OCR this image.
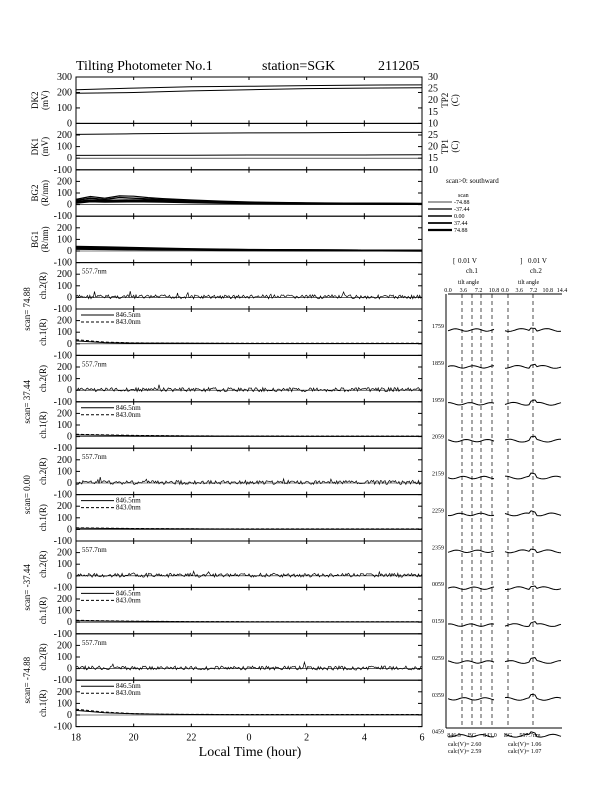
Tilting Photometer No.1	station=SGK	211205
0
100
200
300
DK2 (mV)
10
15
20
25
30
TP2 (C)
-100
0
100
200
DK1 (mV)
10
15
20
25
TP1 (C)
-100
0
100
200
BG2 (R/nm)
-100
0
100
200
BG1 (R/nm)
-100
0
100
200
ch.2(R)
557.7nm
-100
0
100
200
ch.1(R)
846.5nm
843.0nm
-100
0
100
200
ch.2(R)
557.7nm
-100
0
100
200
ch.1(R)
846.5nm
843.0nm
-100
0
100
200
ch.2(R)
557.7nm
-100
0
100
200
ch.1(R)
846.5nm
843.0nm
-100
0
100
200
ch.2(R)
557.7nm
-100
0
100
200
ch.1(R)
846.5nm
843.0nm
-100
0
100
200
ch.2(R)
557.7nm
-100
0
100
200
ch.1(R)
846.5nm
843.0nm
scan= 74.88
scan= 37.44
scan= 0.00
scan= -37.44
scan= -74.88
Local Time (hour)
18	20	22	0	2	4	6
scan>0: southward
scan
-74.88
-37.44
0.00
37.44
74.88
0.01 V
ch.1
tilt angle
0.01 V
ch.2
tilt angle
calc(V)= 2.60
calc(V)= 2.59
calc(V)= 1.06
calc(V)= 1.07
[	]
0.0 3.6 7.2 10.8 0.0 3.6 7.2 10.8 14.4
1759
1859
1959
2059
2159
2259
2359
0059
0159
0259
0359
0459
846.5 BG 843.0 BG 557.7nm
